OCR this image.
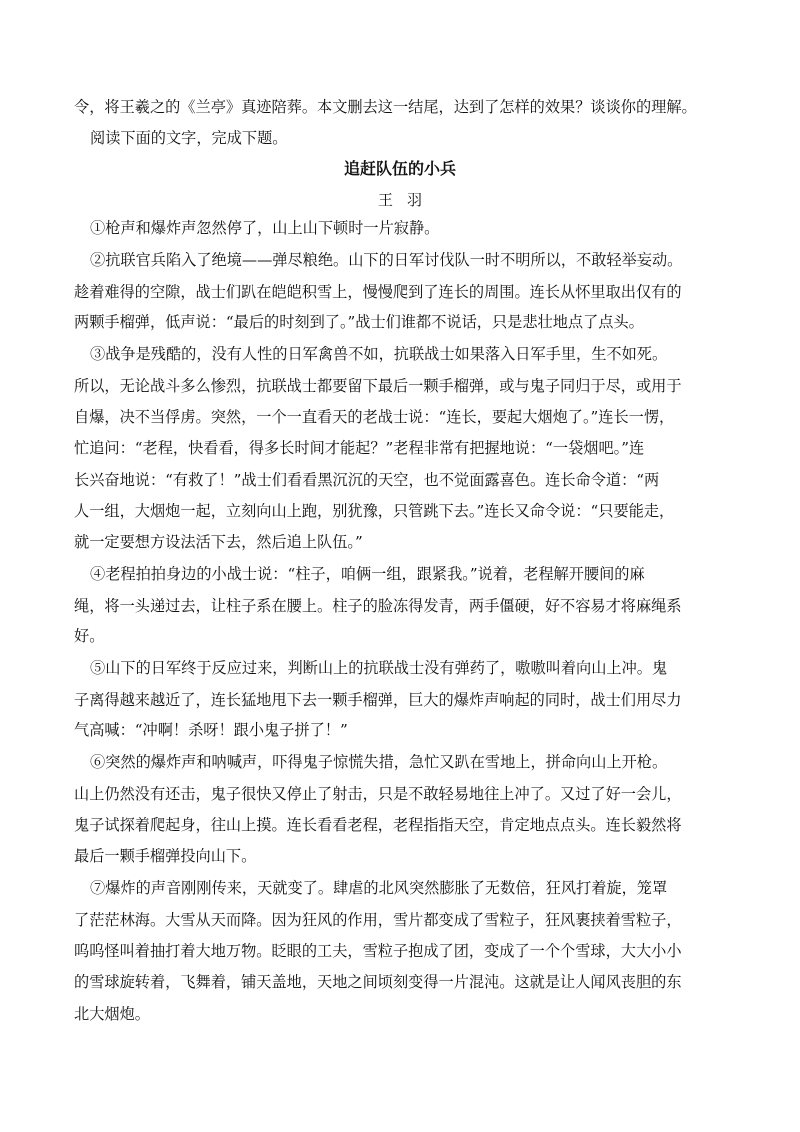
令，将王羲之的《兰亭》真迹陪葬。本文删去这一结尾，达到了怎样的效果？谈谈你的理解。
阅读下面的文字，完成下题。
追赶队伍的小兵
王羽
①枪声和爆炸声忽然停了，山上山下顿时一片寂静。
②抗联官兵陷入了绝境——弹尽粮绝。山下的日军讨伐队一时不明所以，不敢轻举妄动。
趁着难得的空隙，战士们趴在皑皑积雪上，慢慢爬到了连长的周围。连长从怀里取出仅有的
两颗手榴弹，低声说：“最后的时刻到了。”战士们谁都不说话，只是悲壮地点了点头。
③战争是残酷的，没有人性的日军禽兽不如，抗联战士如果落入日军手里，生不如死。
所以，无论战斗多么惨烈，抗联战士都要留下最后一颗手榴弹，或与鬼子同归于尽，或用于
自爆，决不当俘虏。突然，一个一直看天的老战士说：“连长，要起大烟炮了。”连长一愣，
忙追问：“老程，快看看，得多长时间才能起？”老程非常有把握地说：“一袋烟吧。”连
长兴奋地说：“有救了！”战士们看看黑沉沉的天空，也不觉面露喜色。连长命令道：“两
人一组，大烟炮一起，立刻向山上跑，别犹豫，只管跳下去。”连长又命令说：“只要能走，
就一定要想方设法活下去，然后追上队伍。”
④老程拍拍身边的小战士说：“柱子，咱俩一组，跟紧我。”说着，老程解开腰间的麻
绳，将一头递过去，让柱子系在腰上。柱子的脸冻得发青，两手僵硬，好不容易才将麻绳系
好。
⑤山下的日军终于反应过来，判断山上的抗联战士没有弹药了，嗷嗷叫着向山上冲。鬼
子离得越来越近了，连长猛地甩下去一颗手榴弹，巨大的爆炸声响起的同时，战士们用尽力
气高喊：“冲啊！杀呀！跟小鬼子拼了！”
⑥突然的爆炸声和呐喊声，吓得鬼子惊慌失措，急忙又趴在雪地上，拼命向山上开枪。
山上仍然没有还击，鬼子很快又停止了射击，只是不敢轻易地往上冲了。又过了好一会儿，
鬼子试探着爬起身，往山上摸。连长看看老程，老程指指天空，肯定地点点头。连长毅然将
最后一颗手榴弹投向山下。
⑦爆炸的声音刚刚传来，天就变了。肆虐的北风突然膨胀了无数倍，狂风打着旋，笼罩
了茫茫林海。大雪从天而降。因为狂风的作用，雪片都变成了雪粒子，狂风裹挟着雪粒子，
呜呜怪叫着抽打着大地万物。眨眼的工夫，雪粒子抱成了团，变成了一个个雪球，大大小小
的雪球旋转着，飞舞着，铺天盖地，天地之间顷刻变得一片混沌。这就是让人闻风丧胆的东
北大烟炮。
